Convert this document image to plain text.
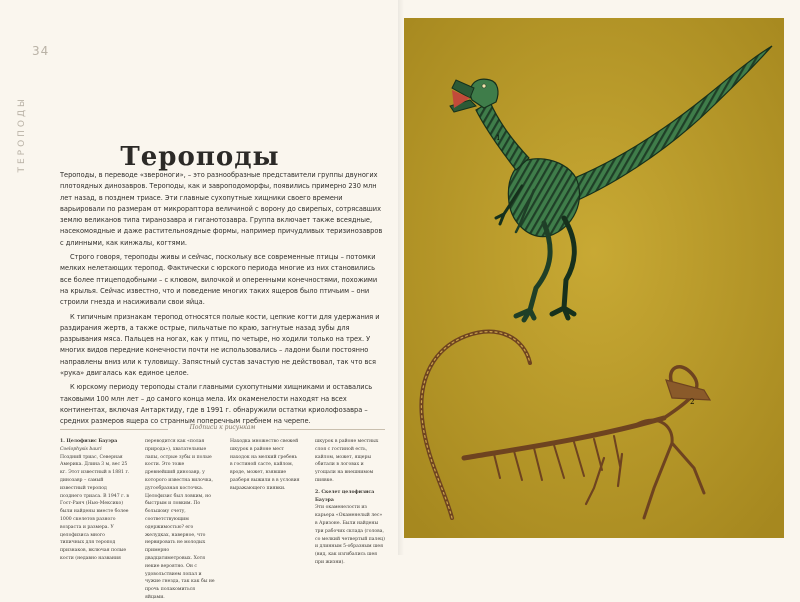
34
ТЕРОПОДЫ	Тероподы

Тероподы, в переводе «звероноги», – это разнообразные представители группы двуногих плотоядных динозавров. Тероподы, как и завроподоморфы, появились примерно 230 млн лет назад, в позднем триасе. Эти главные сухопутные хищники своего времени варьировали по размерам от микрораптора величиной с ворону до свирепых, сотрясавших землю великанов типа тиранозавра и гиганотозавра. Группа включает также всеядные, насекомоядные и даже растительноядные формы, например причудливых теризинозавров с длинными, как кинжалы, когтями.

Строго говоря, тероподы живы и сейчас, поскольку все современные птицы – потомки мелких нелетающих теропод. Фактически с юрского периода многие из них становились все более птицеподобными – с клювом, вилочкой и оперенными конечностями, похожими на крылья. Сейчас известно, что и поведение многих таких ящеров было птичьим – они строили гнезда и насиживали свои яйца.

К типичным признакам теропод относятся полые кости, цепкие когти для удержания и раздирания жертв, а также острые, пильчатые по краю, загнутые назад зубы для разрывания мяса. Пальцев на ногах, как у птиц, по четыре, но ходили только на трех. У многих видов передние конечности почти не использовались – ладони были постоянно направлены вниз или к туловищу. Запястный сустав зачастую не действовал, так что вся «рука» двигалась как единое целое.

К юрскому периоду тероподы стали главными сухопутными хищниками и оставались таковыми 100 млн лет – до самого конца мела. Их окаменелости находят на всех континентах, включая Антарктиду, где в 1991 г. обнаружили остатки криолофозавра – средних размеров ящера со странным поперечным гребнем на черепе.

Подписи к рисункам
1. Целофизис Бауэра
Coelophysis bauri
Поздний триас, Северная Америка. Длина 3 м, вес 25 кг. Этот известный в 1881 г. динозавр – самый известный теропод позднего триаса. В 1947 г. в Гост-Ранч (Нью-Мексико) были найдены вместе более 1000 скелетов разного возраста и размера. У целофизиса много типичных для теропод признаков, включая полые кости (недавно названия
переводится как «полая природа»), хватательные лапы, острые зубы и полые кости. Это тоже древнейший динозавр, у которого известна вилочка, дугообразная косточка. Целофизис был ловким, но быстрым и ловким. По большому счету, соответствующим одержимостью? его желудках, наверное, что нервировать не молодых примерно двадцатиметровых. Хотя некие вероятно. Он с удовольствием лопал и чужие гнезда, так как бы не прочь полакомиться яйцами.
Находка множество свежей шкурок в районе мест находок на мелкий гребень в гостиной састе, кайлом, вроде, может, взявшие разберя выжили в в условия выражающего пиявки.
шкурок в районе местных слоя с гостиной есть, кайлом, может, ящеры обитали в логовах и угощали на внешнимом пиявке.
2. Скелет целофизиса Бауэра
Эти окаменелости из карьера «Окаменелый лес» в Аризоне. Были найдены три рабочих склада (голова, со мелкий четвертый палец) и длинным 5-образным шея (вид, как изгибались шея при жизни).
1
2
